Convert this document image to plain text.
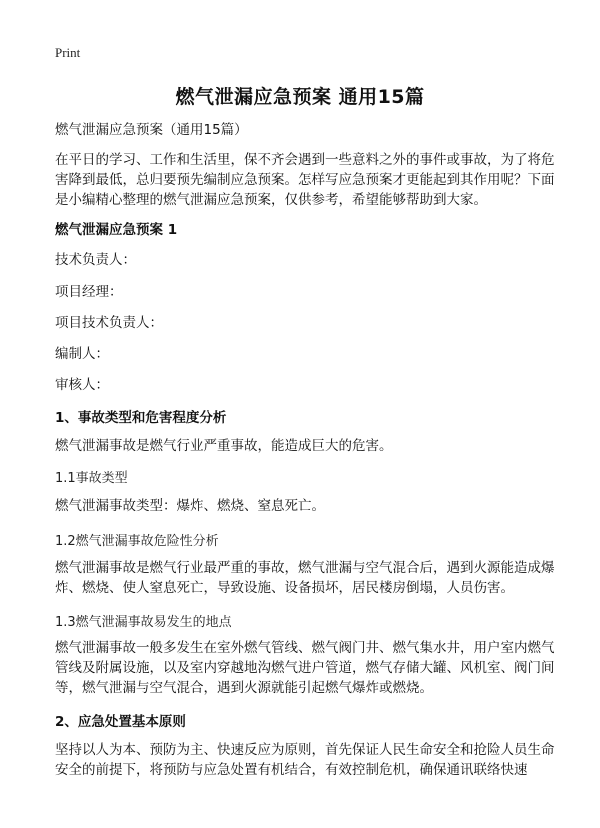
Print
燃气泄漏应急预案 通用15篇

燃气泄漏应急预案（通用15篇）

在平日的学习、工作和生活里，保不齐会遇到一些意料之外的事件或事故，为了将危害降到最低，总归要预先编制应急预案。怎样写应急预案才更能起到其作用呢？下面是小编精心整理的燃气泄漏应急预案，仅供参考，希望能够帮助到大家。

燃气泄漏应急预案 1

技术负责人：

项目经理：

项目技术负责人：

编制人：

审核人：

1、事故类型和危害程度分析

燃气泄漏事故是燃气行业严重事故，能造成巨大的危害。

1.1事故类型

燃气泄漏事故类型：爆炸、燃烧、窒息死亡。

1.2燃气泄漏事故危险性分析

燃气泄漏事故是燃气行业最严重的事故，燃气泄漏与空气混合后，遇到火源能造成爆炸、燃烧、使人窒息死亡，导致设施、设备损坏，居民楼房倒塌，人员伤害。

1.3燃气泄漏事故易发生的地点

燃气泄漏事故一般多发生在室外燃气管线、燃气阀门井、燃气集水井，用户室内燃气管线及附属设施，以及室内穿越地沟燃气进户管道，燃气存储大罐、风机室、阀门间等，燃气泄漏与空气混合，遇到火源就能引起燃气爆炸或燃烧。

2、应急处置基本原则

坚持以人为本、预防为主、快速反应为原则，首先保证人民生命安全和抢险人员生命安全的前提下，将预防与应急处置有机结合，有效控制危机，确保通讯联络快速
